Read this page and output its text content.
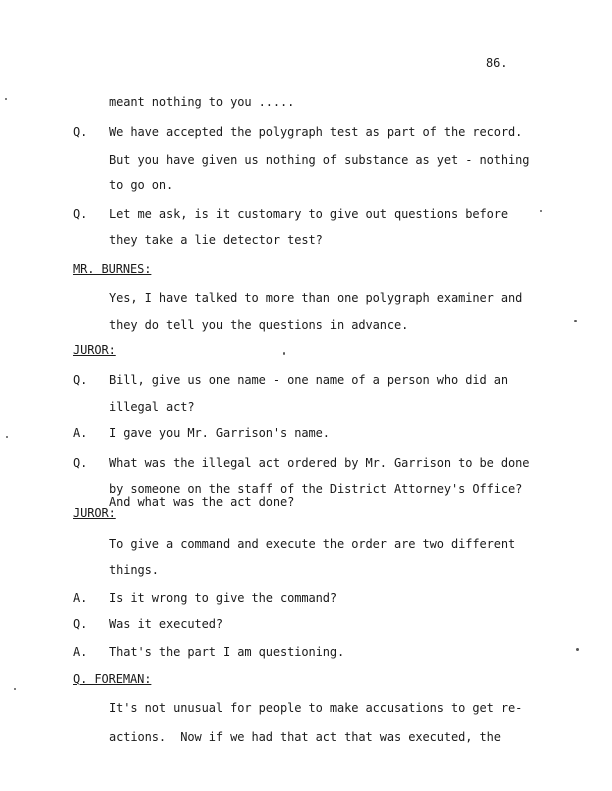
86.
meant nothing to you .....
Q. We have accepted the polygraph test as part of the record.
But you have given us nothing of substance as yet - nothing
to go on.
Q. Let me ask, is it customary to give out questions before
they take a lie detector test?
MR. BURNES:
Yes, I have talked to more than one polygraph examiner and
they do tell you the questions in advance.
JUROR:
Q. Bill, give us one name - one name of a person who did an
illegal act?
A. I gave you Mr. Garrison's name.
Q. What was the illegal act ordered by Mr. Garrison to be done
by someone on the staff of the District Attorney's Office?
And what was the act done?
JUROR:
To give a command and execute the order are two different
things.
A. Is it wrong to give the command?
Q. Was it executed?
A. That's the part I am questioning.
Q. FOREMAN:
It's not unusual for people to make accusations to get re-
actions.  Now if we had that act that was executed, the
